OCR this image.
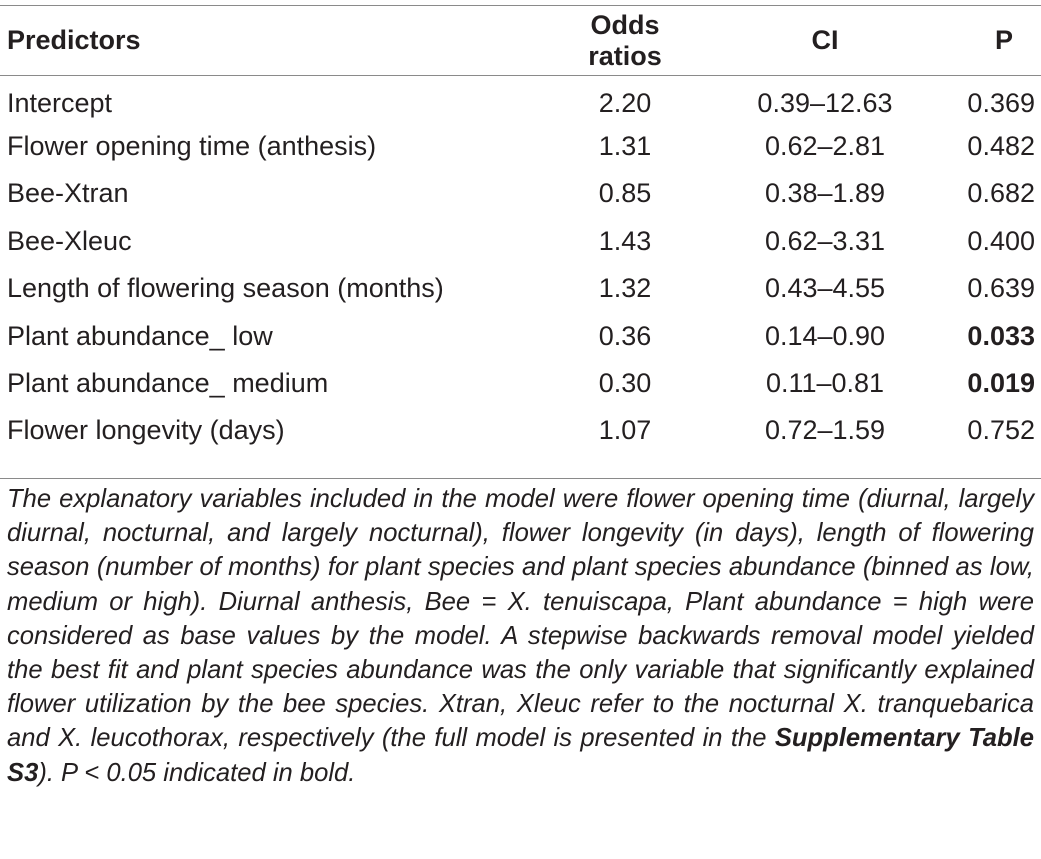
Predictors	Odds ratios	CI	P
Intercept	2.20	0.39–12.63	0.369
Flower opening time (anthesis)	1.31	0.62–2.81	0.482
Bee-Xtran	0.85	0.38–1.89	0.682
Bee-Xleuc	1.43	0.62–3.31	0.400
Length of flowering season (months)	1.32	0.43–4.55	0.639
Plant abundance_ low	0.36	0.14–0.90	0.033
Plant abundance_ medium	0.30	0.11–0.81	0.019
Flower longevity (days)	1.07	0.72–1.59	0.752

The explanatory variables included in the model were flower opening time (diurnal, largely diurnal, nocturnal, and largely nocturnal), flower longevity (in days), length of flowering season (number of months) for plant species and plant species abundance (binned as low, medium or high). Diurnal anthesis, Bee = X. tenuiscapa, Plant abundance = high were considered as base values by the model. A stepwise backwards removal model yielded the best fit and plant species abundance was the only variable that significantly explained flower utilization by the bee species. Xtran, Xleuc refer to the nocturnal X. tranquebarica and X. leucothorax, respectively (the full model is presented in the Supplementary Table S3). P < 0.05 indicated in bold.
